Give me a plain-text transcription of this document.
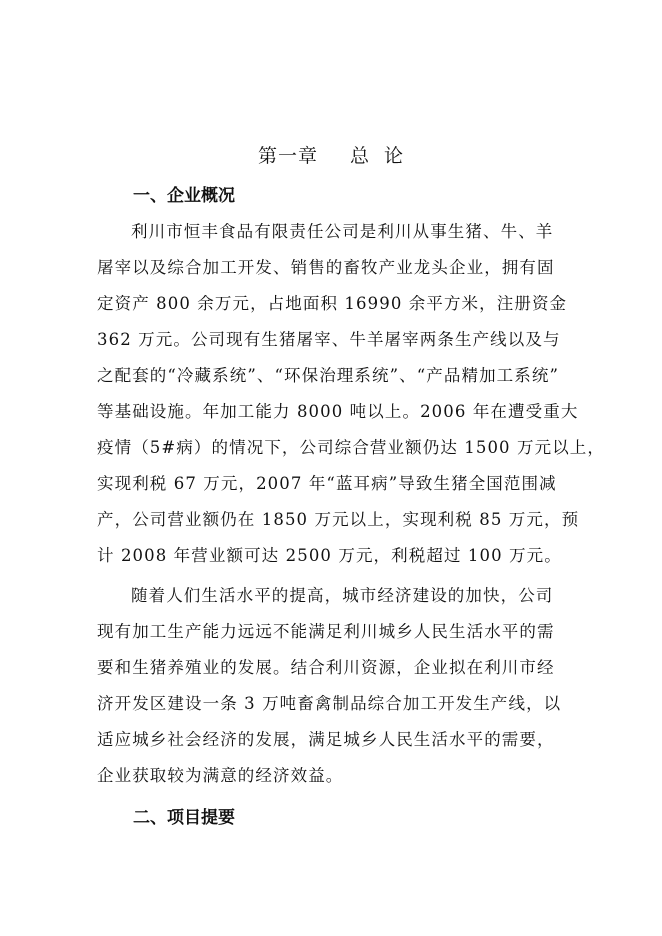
第一章 总  论
一、企业概况
利川市恒丰食品有限责任公司是利川从事生猪、牛、羊
屠宰以及综合加工开发、销售的畜牧产业龙头企业，拥有固
定资产 800 余万元，占地面积 16990 余平方米，注册资金
362 万元。公司现有生猪屠宰、牛羊屠宰两条生产线以及与
之配套的“冷藏系统”、“环保治理系统”、“产品精加工系统”
等基础设施。年加工能力 8000 吨以上。2006 年在遭受重大
疫情（5#病）的情况下，公司综合营业额仍达 1500 万元以上，
实现利税 67 万元，2007 年“蓝耳病”导致生猪全国范围减
产，公司营业额仍在 1850 万元以上，实现利税 85 万元，预
计 2008 年营业额可达 2500 万元，利税超过 100 万元。
随着人们生活水平的提高，城市经济建设的加快，公司
现有加工生产能力远远不能满足利川城乡人民生活水平的需
要和生猪养殖业的发展。结合利川资源，企业拟在利川市经
济开发区建设一条 3 万吨畜禽制品综合加工开发生产线，以
适应城乡社会经济的发展，满足城乡人民生活水平的需要，
企业获取较为满意的经济效益。
二、项目提要
